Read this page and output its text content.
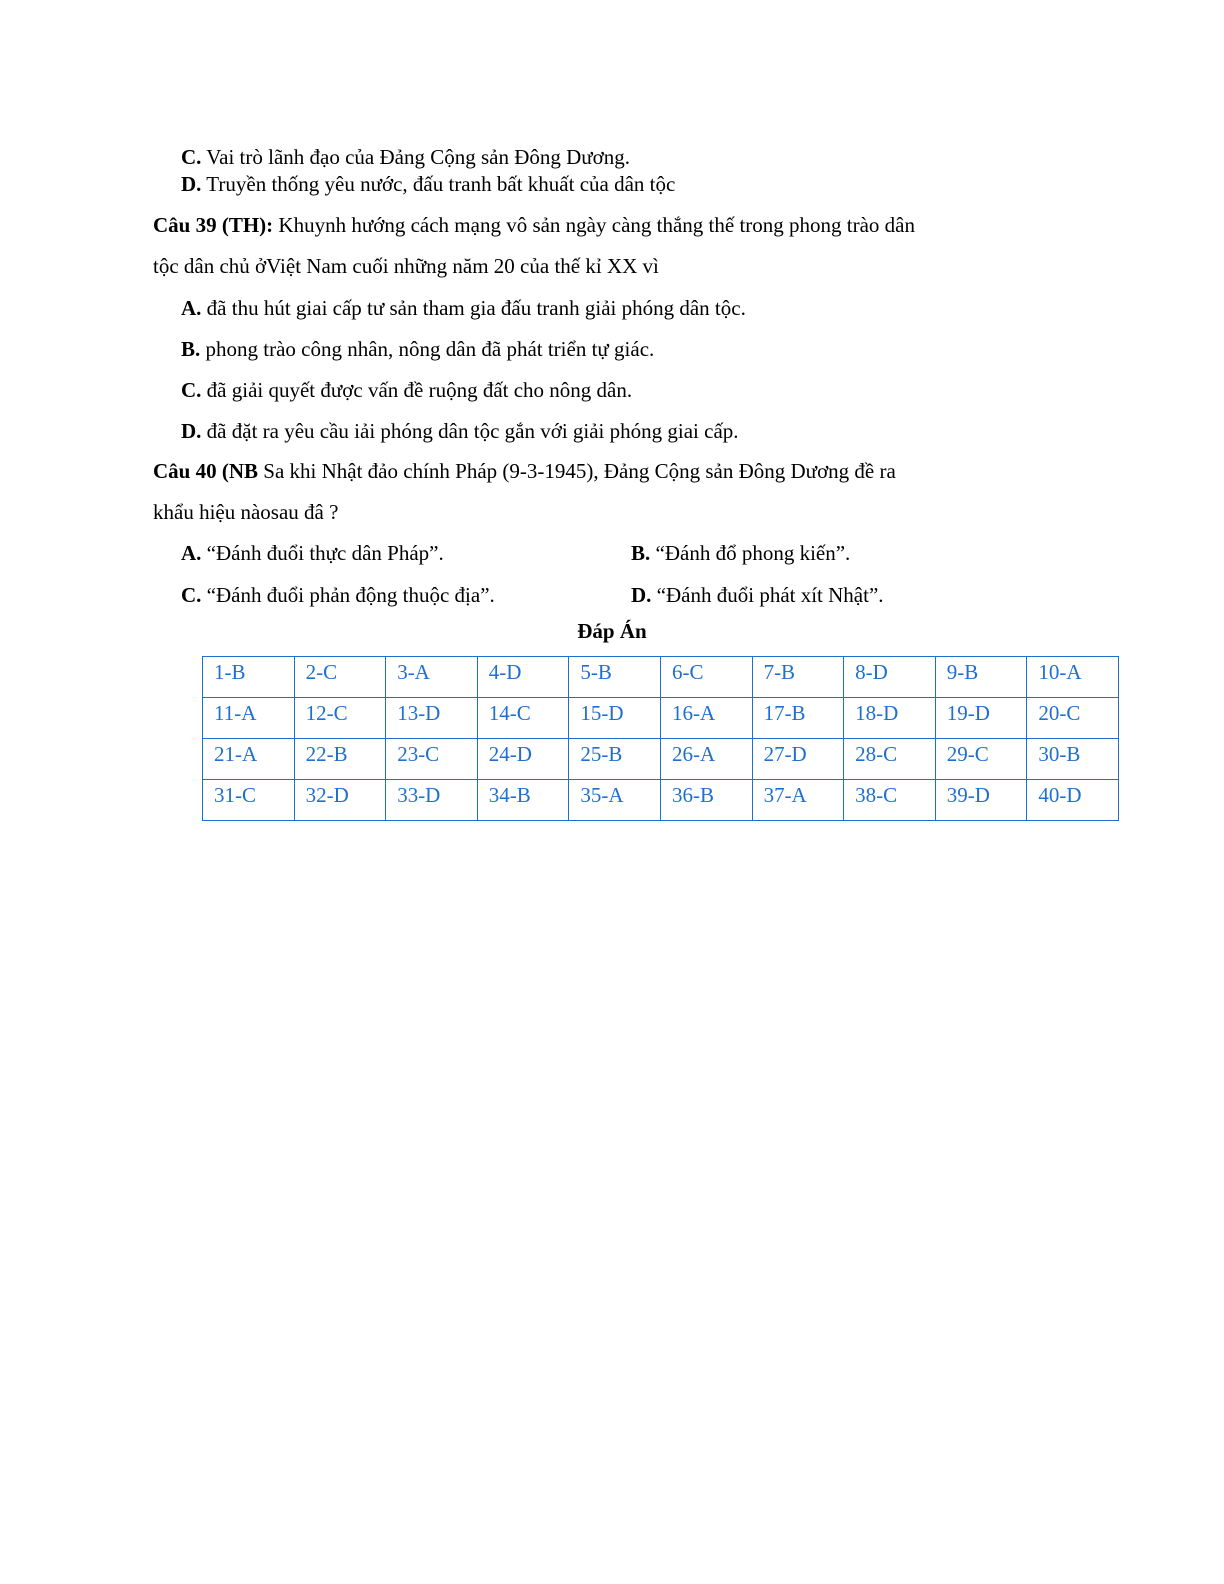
C. Vai trò lãnh đạo của Đảng Cộng sản Đông Dương.
D. Truyền thống yêu nước, đấu tranh bất khuất của dân tộc
Câu 39 (TH): Khuynh hướng cách mạng vô sản ngày càng thắng thế trong phong trào dân
tộc dân chủ ởViệt Nam cuối những năm 20 của thế kỉ XX vì
A. đã thu hút giai cấp tư sản tham gia đấu tranh giải phóng dân tộc.
B. phong trào công nhân, nông dân đã phát triển tự giác.
C. đã giải quyết được vấn đề ruộng đất cho nông dân.
D. đã đặt ra yêu cầu iải phóng dân tộc gắn với giải phóng giai cấp.
Câu 40 (NB Sa khi Nhật đảo chính Pháp (9-3-1945), Đảng Cộng sản Đông Dương đề ra
khẩu hiệu nàosau đâ ?
A. “Đánh đuổi thực dân Pháp”.	B. “Đánh đổ phong kiến”.
C. “Đánh đuổi phản động thuộc địa”.	D. “Đánh đuổi phát xít Nhật”.
Đáp Án
1-B	2-C	3-A	4-D	5-B	6-C	7-B	8-D	9-B	10-A
11-A	12-C	13-D	14-C	15-D	16-A	17-B	18-D	19-D	20-C
21-A	22-B	23-C	24-D	25-B	26-A	27-D	28-C	29-C	30-B
31-C	32-D	33-D	34-B	35-A	36-B	37-A	38-C	39-D	40-D
